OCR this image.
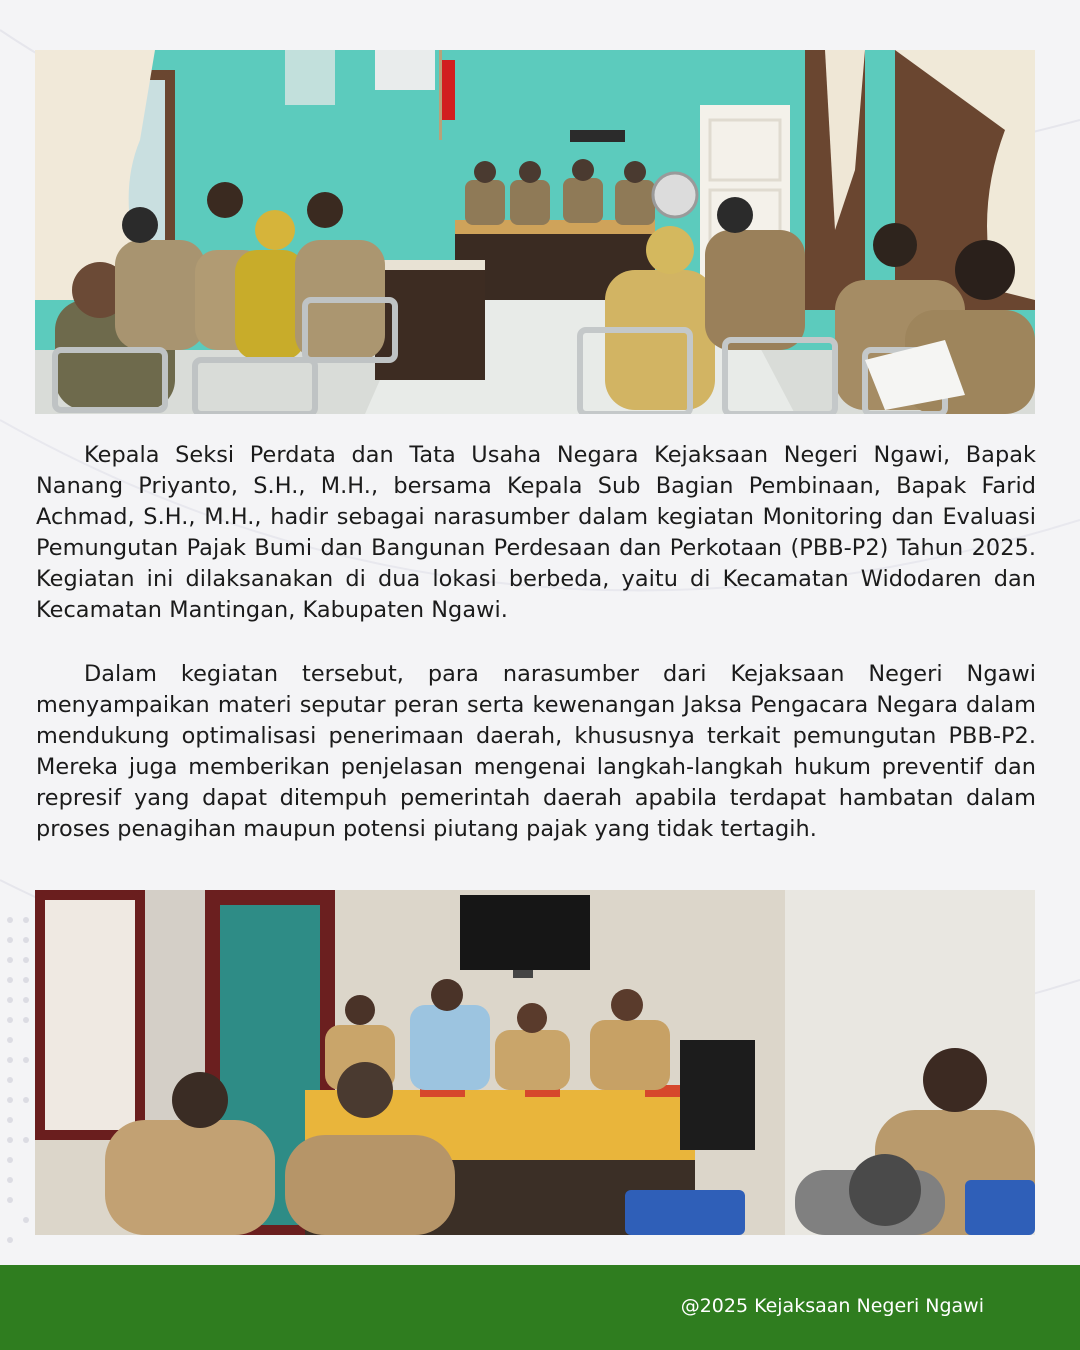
Kepala Seksi Perdata dan Tata Usaha Negara Kejaksaan Negeri Ngawi, Bapak Nanang Priyanto, S.H., M.H., bersama Kepala Sub Bagian Pembinaan, Bapak Farid Achmad, S.H., M.H., hadir sebagai narasumber dalam kegiatan Monitoring dan Evaluasi Pemungutan Pajak Bumi dan Bangunan Perdesaan dan Perkotaan (PBB-P2) Tahun 2025. Kegiatan ini dilaksanakan di dua lokasi berbeda, yaitu di Kecamatan Widodaren dan Kecamatan Mantingan, Kabupaten Ngawi.

Dalam kegiatan tersebut, para narasumber dari Kejaksaan Negeri Ngawi menyampaikan materi seputar peran serta kewenangan Jaksa Pengacara Negara dalam mendukung optimalisasi penerimaan daerah, khususnya terkait pemungutan PBB-P2. Mereka juga memberikan penjelasan mengenai langkah-langkah hukum preventif dan represif yang dapat ditempuh pemerintah daerah apabila terdapat hambatan dalam proses penagihan maupun potensi piutang pajak yang tidak tertagih.

@2025 Kejaksaan Negeri Ngawi
